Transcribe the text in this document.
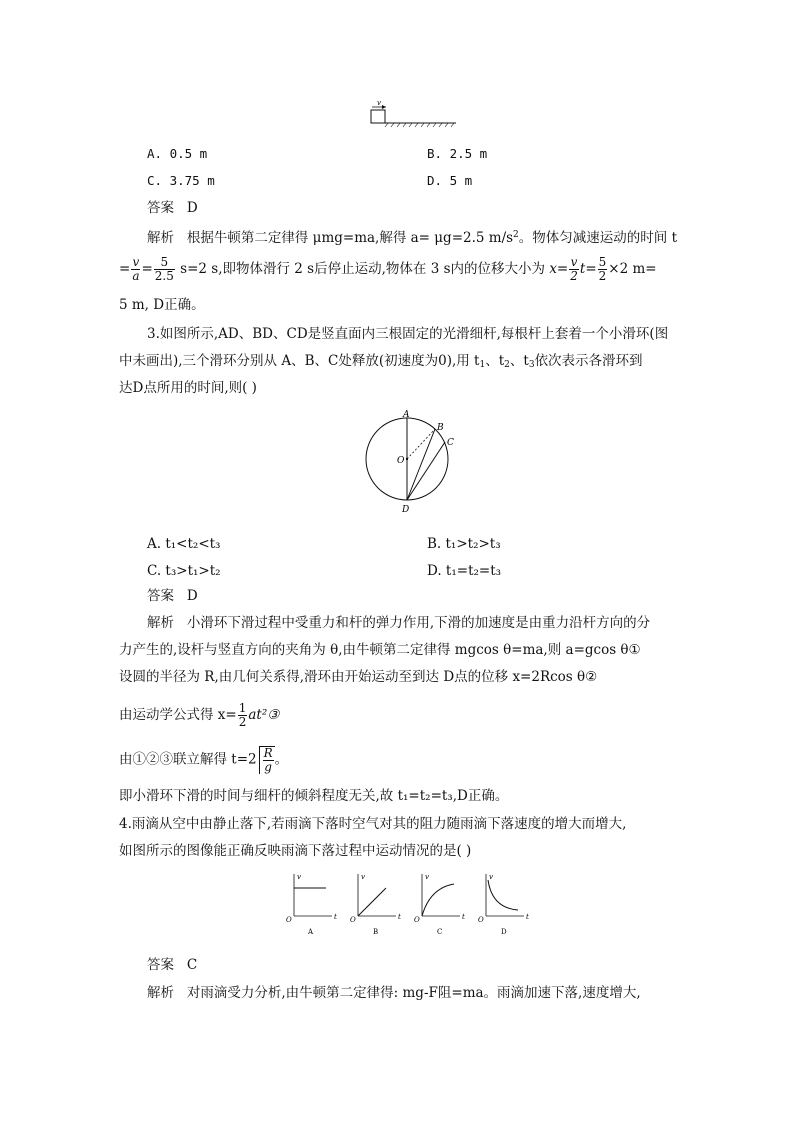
v
A. 0.5 m	B. 2.5 m
C. 3.75 m	D. 5 m
答案 D
解析 根据牛顿第二定律得 μmg=ma,解得 a= μg=2.5 $m/s^2$。物体匀减速运动的时间 t
= $\frac{v}{a} = \frac{5}{2.5} s=2$ s,即物体滑行 2 s后停止运动,物体在 3 s内的位移大小为 $x= \frac{v}{2} t= \frac{5}{2} \times 2$ m=
5 m, D正确。
3.如图所示,AD、BD、CD是竖直面内三根固定的光滑细杆,每根杆上套着一个小滑环(图
中未画出),三个滑环分别从 A、B、C处释放(初速度为0),用 $t_1$、$t_2$、$t_3$依次表示各滑环到
达D点所用的时间,则( )
A
B
C
O
D
A. t₁<t₂<t₃	B. t₁>t₂>t₃
C. t₃>t₁>t₂	D. t₁=t₂=t₃
答案 D
解析 小滑环下滑过程中受重力和杆的弹力作用,下滑的加速度是由重力沿杆方向的分
力产生的,设杆与竖直方向的夹角为 θ,由牛顿第二定律得 mgcos θ=ma,则 a=gcos θ①
设圆的半径为 R,由几何关系得,滑环由开始运动至到达 D点的位移 x=2Rcos θ②
由运动学公式得 $x= \frac{1}{2}$ at²③
由①②③联立解得 $t=2 \frac{R}{g}$ 。
即小滑环下滑的时间与细杆的倾斜程度无关,故 t₁=t₂=t₃,D正确。
4.雨滴从空中由静止落下,若雨滴下落时空气对其的阻力随雨滴下落速度的增大而增大,
如图所示的图像能正确反映雨滴下落过程中运动情况的是( )
v
t
O
A
v
t
O
B
v
t
O
C
v
t
O
D
答案 C
解析 对雨滴受力分析,由牛顿第二定律得: mg-F阻=ma。雨滴加速下落,速度增大,
